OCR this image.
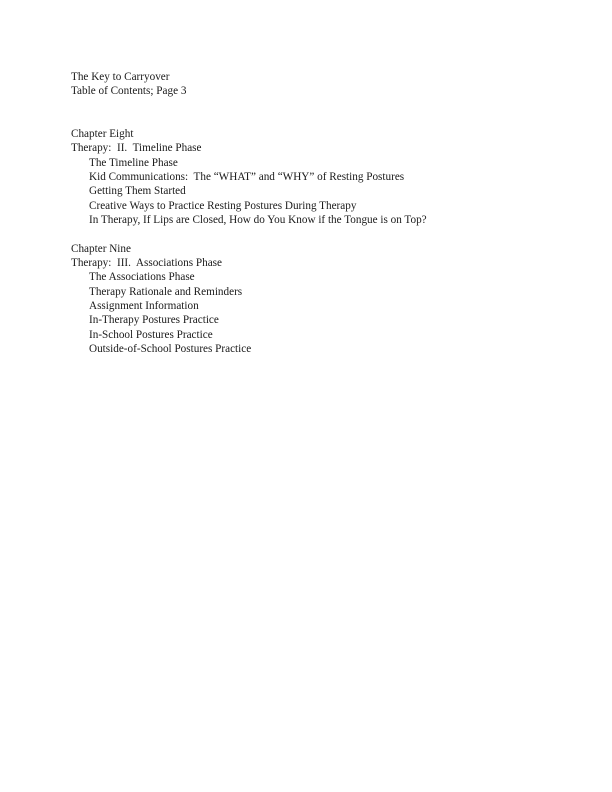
The Key to Carryover
Table of Contents; Page 3
Chapter Eight
Therapy:  II.  Timeline Phase
The Timeline Phase
Kid Communications:  The “WHAT” and “WHY” of Resting Postures
Getting Them Started
Creative Ways to Practice Resting Postures During Therapy
In Therapy, If Lips are Closed, How do You Know if the Tongue is on Top?
Chapter Nine
Therapy:  III.  Associations Phase
The Associations Phase
Therapy Rationale and Reminders
Assignment Information
In-Therapy Postures Practice
In-School Postures Practice
Outside-of-School Postures Practice
